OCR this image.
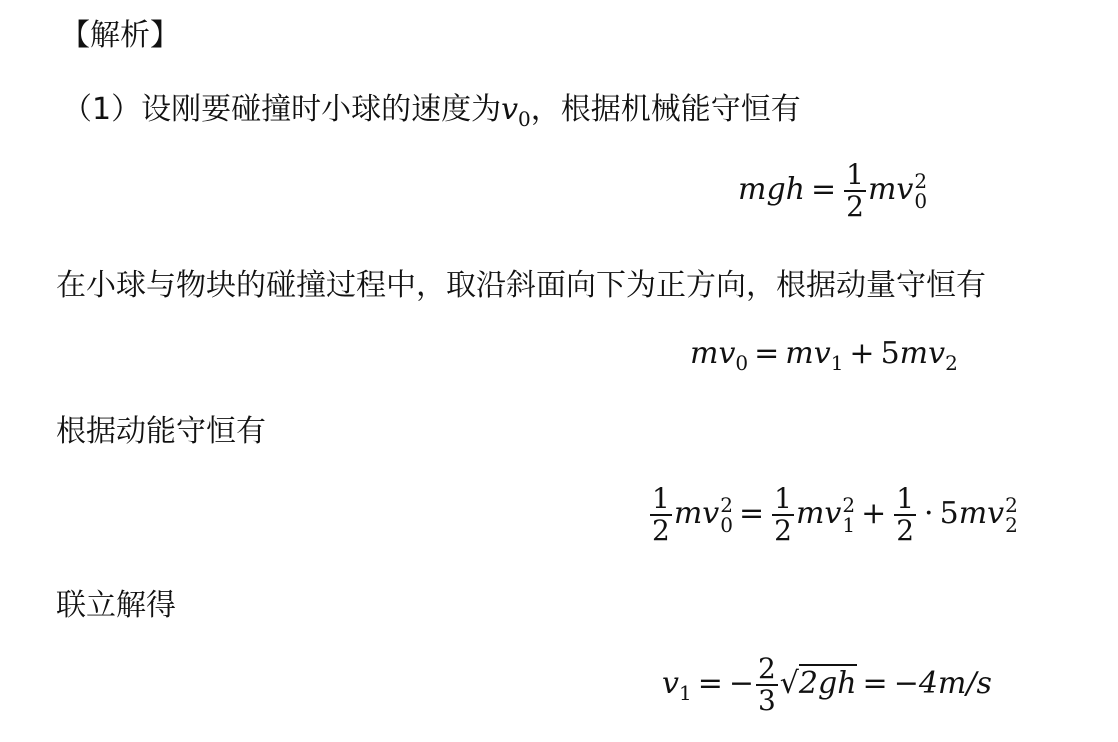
【解析】
（1）设刚要碰撞时小球的速度为$v_0$，根据机械能守恒有
mgh = $\frac{1}{2}$ mv 2
0
在小球与物块的碰撞过程中，取沿斜面向下为正方向，根据动量守恒有
$mv_0 = mv_1 + 5mv_2$
根据动能守恒有
$\frac{1}{2}$ mv 2
$0 = \frac{1}{2}$ mv 2
$1 + \frac{1}{2} \cdot 5mv$ 2
2
联立解得
$v_1$ = − $\frac{2}{3} √2gh = -4m/s$
